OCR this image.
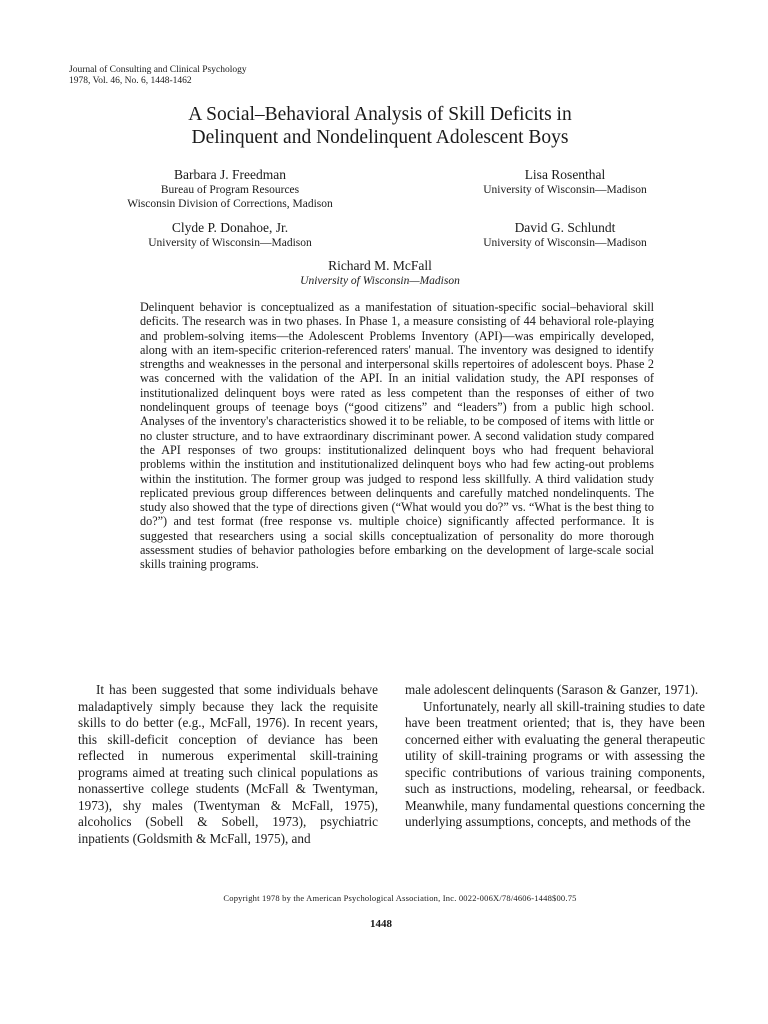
Journal of Consulting and Clinical Psychology
1978, Vol. 46, No. 6, 1448-1462
A Social–Behavioral Analysis of Skill Deficits in
Delinquent and Nondelinquent Adolescent Boys
Barbara J. Freedman
Bureau of Program Resources
Wisconsin Division of Corrections, Madison
Lisa Rosenthal
University of Wisconsin—Madison
Clyde P. Donahoe, Jr.
University of Wisconsin—Madison
David G. Schlundt
University of Wisconsin—Madison
Richard M. McFall
University of Wisconsin—Madison
Delinquent behavior is conceptualized as a manifestation of situation-specific social–behavioral skill deficits. The research was in two phases. In Phase 1, a measure consisting of 44 behavioral role-playing and problem-solving items—the Adolescent Problems Inventory (API)—was empirically developed, along with an item-specific criterion-referenced raters' manual. The inventory was designed to identify strengths and weaknesses in the personal and interpersonal skills repertoires of adolescent boys. Phase 2 was concerned with the validation of the API. In an initial validation study, the API responses of institutionalized delinquent boys were rated as less competent than the responses of either of two nondelinquent groups of teenage boys (“good citizens” and “leaders”) from a public high school. Analyses of the inventory's characteristics showed it to be reliable, to be composed of items with little or no cluster structure, and to have extraordinary discriminant power. A second validation study compared the API responses of two groups: institutionalized delinquent boys who had frequent behavioral problems within the institution and institutionalized delinquent boys who had few acting-out problems within the institution. The former group was judged to respond less skillfully. A third validation study replicated previous group differences between delinquents and carefully matched nondelinquents. The study also showed that the type of directions given (“What would you do?” vs. “What is the best thing to do?”) and test format (free response vs. multiple choice) significantly affected performance. It is suggested that researchers using a social skills conceptualization of personality do more thorough assessment studies of behavior pathologies before embarking on the development of large-scale social skills training programs.

It has been suggested that some individuals behave maladaptively simply because they lack the requisite skills to do better (e.g., McFall, 1976). In recent years, this skill-deficit conception of deviance has been reflected in numerous experimental skill-training programs aimed at treating such clinical populations as nonassertive college students (McFall & Twentyman, 1973), shy males (Twentyman & McFall, 1975), alcoholics (Sobell & Sobell, 1973), psychiatric inpatients (Goldsmith & McFall, 1975), and

male adolescent delinquents (Sarason & Ganzer, 1971).

Unfortunately, nearly all skill-training studies to date have been treatment oriented; that is, they have been concerned either with evaluating the general therapeutic utility of skill-training programs or with assessing the specific contributions of various training components, such as instructions, modeling, rehearsal, or feedback. Meanwhile, many fundamental questions concerning the underlying assumptions, concepts, and methods of the

Copyright 1978 by the American Psychological Association, Inc. 0022-006X/78/4606-1448$00.75
1448
